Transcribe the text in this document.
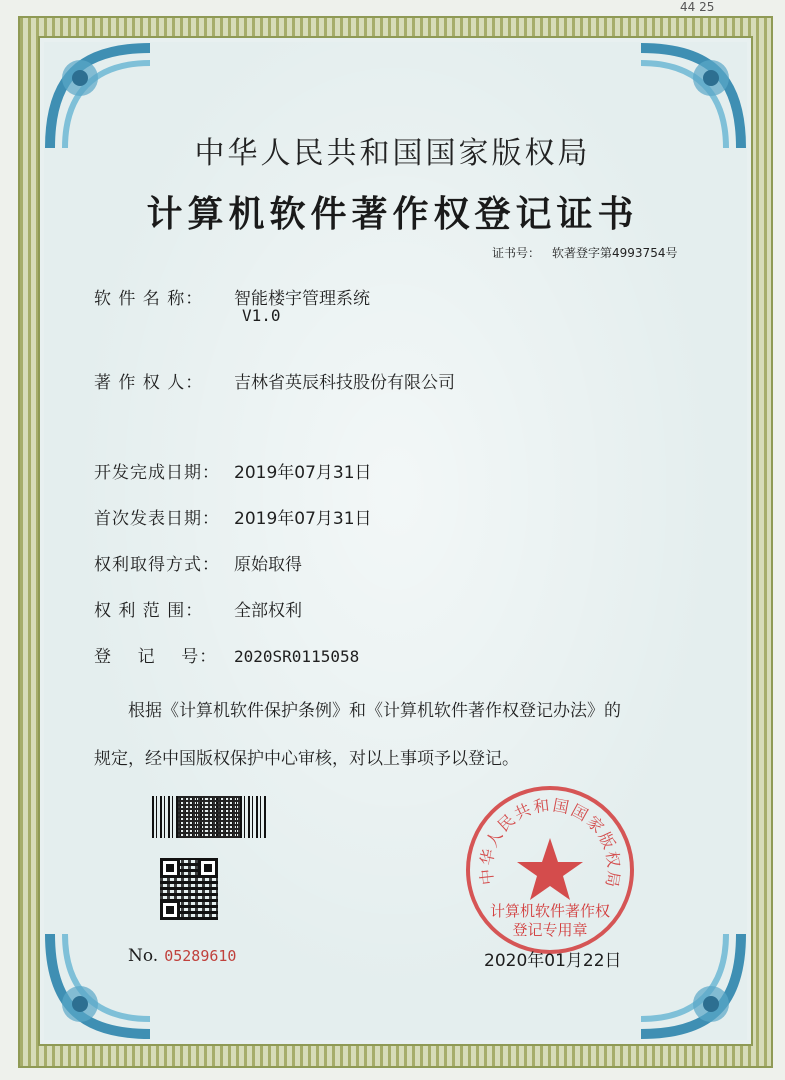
44 25
中华人民共和国国家版权局
计算机软件著作权登记证书
证书号： 软著登字第4993754号
软 件 名 称： 智能楼宇管理系统
V1.0
著 作 权 人： 吉林省英辰科技股份有限公司
开发完成日期： 2019年07月31日
首次发表日期： 2019年07月31日
权利取得方式： 原始取得
权 利 范 围： 全部权利
登    记    号： 2020SR0115058
根据《计算机软件保护条例》和《计算机软件著作权登记办法》的
规定，经中国版权保护中心审核，对以上事项予以登记。
中华人民共和国国家版权局
计算机软件著作权
登记专用章
No. 05289610	2020年01月22日
